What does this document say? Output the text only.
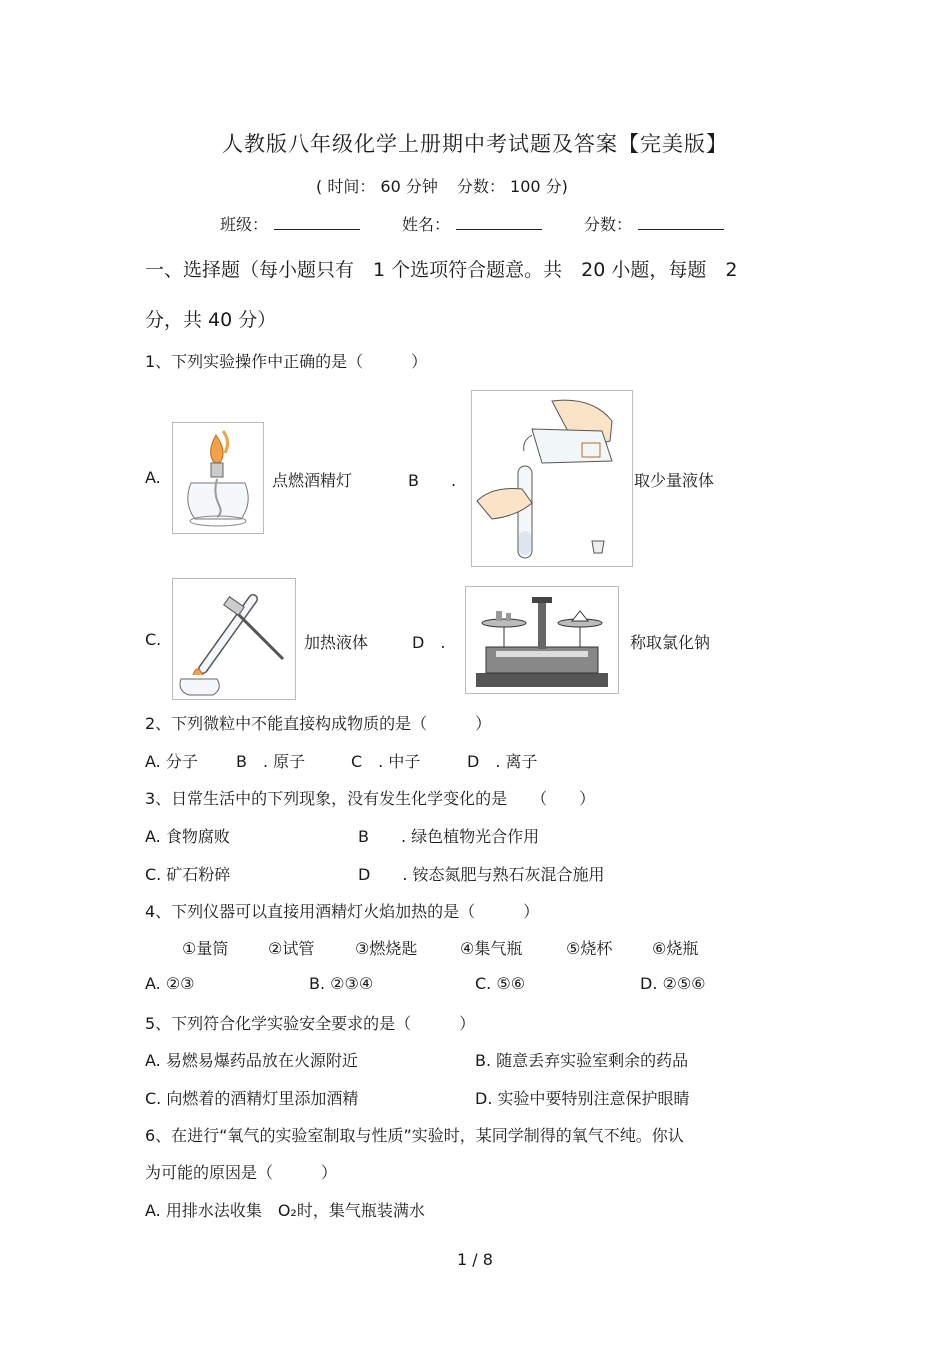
人教版八年级化学上册期中考试题及答案【完美版】
( 时间： 60 分钟 分数： 100 分)
班级：	姓名：	分数：
一、选择题（每小题只有　1 个选项符合题意。共　20 小题，每题　2
分，共 40 分）
1、下列实验操作中正确的是（　　　）
A.	点燃酒精灯	B　　.	取少量液体
C.	加热液体	D　.	称取氯化钠
2、下列微粒中不能直接构成物质的是（　　　）
A. 分子 B　. 原子	C　. 中子	D　. 离子
3、日常生活中的下列现象，没有发生化学变化的是　　（　　）
A. 食物腐败	B　　. 绿色植物光合作用
C. 矿石粉碎	D　　. 铵态氮肥与熟石灰混合施用
4、下列仪器可以直接用酒精灯火焰加热的是（　　　）
①量筒 ②试管	③燃烧匙	④集气瓶	⑤烧杯 ⑥烧瓶
A. ②③	B. ②③④	C. ⑤⑥	D. ②⑤⑥
5、下列符合化学实验安全要求的是（　　　）
A. 易燃易爆药品放在火源附近	B. 随意丢弃实验室剩余的药品
C. 向燃着的酒精灯里添加酒精	D. 实验中要特别注意保护眼睛
6、在进行“氧气的实验室制取与性质”实验时，某同学制得的氧气不纯。你认
为可能的原因是（　　　）
A. 用排水法收集　O₂时，集气瓶装满水
1 / 8
